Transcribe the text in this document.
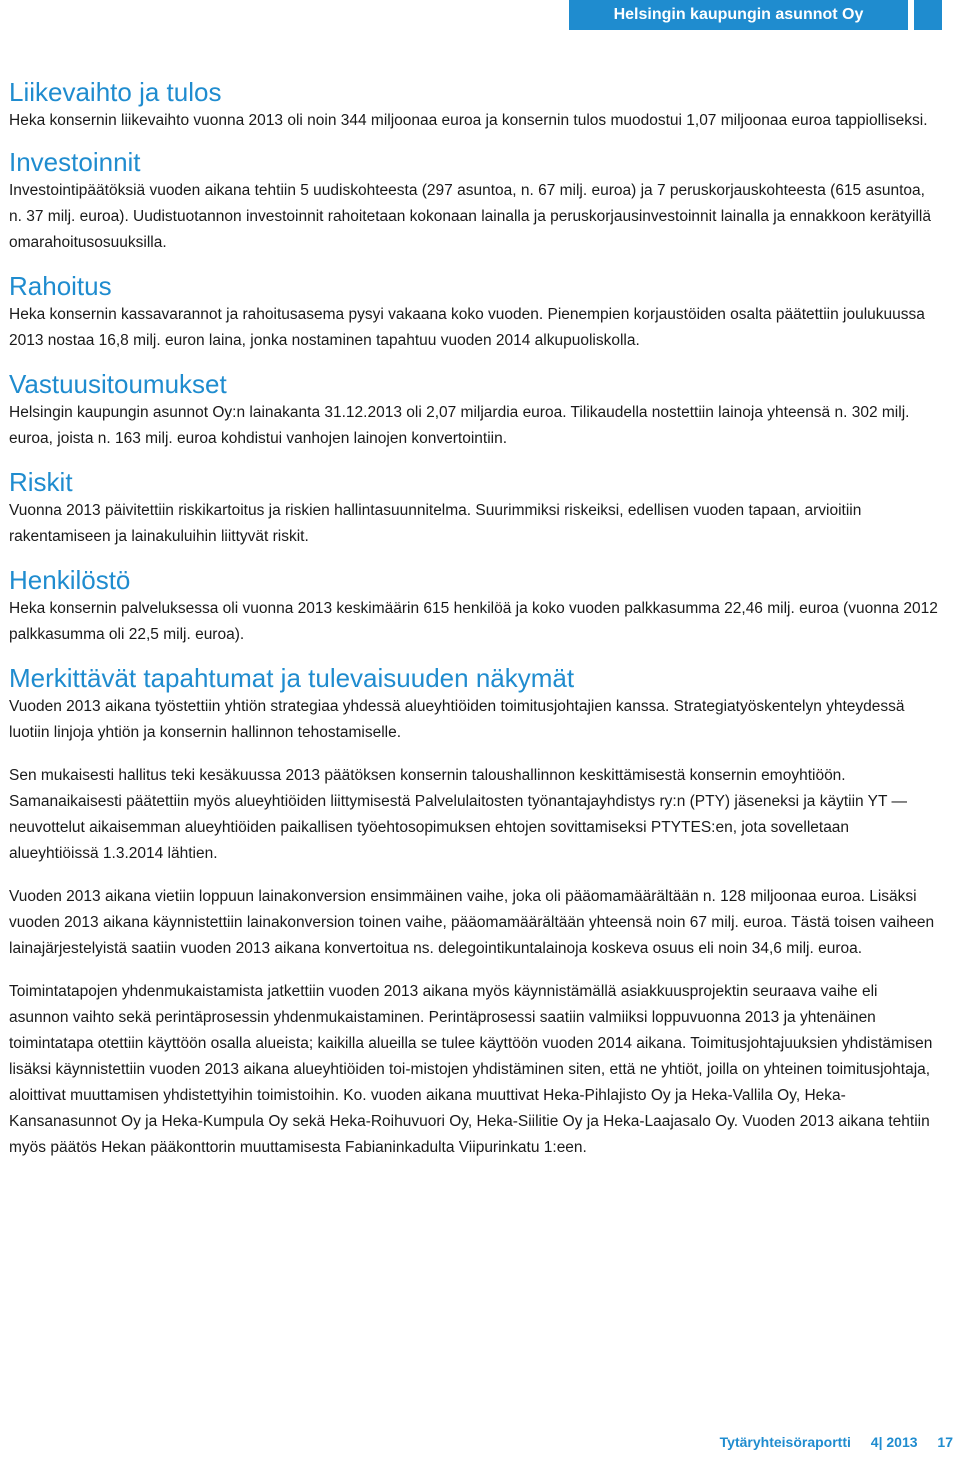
Helsingin kaupungin asunnot Oy
Liikevaihto ja tulos

Heka konsernin liikevaihto vuonna 2013 oli noin 344 miljoonaa euroa ja konsernin tulos muodostui 1,07 miljoonaa euroa tappiolliseksi.

Investoinnit

Investointipäätöksiä vuoden aikana tehtiin 5 uudiskohteesta (297 asuntoa, n. 67 milj. euroa) ja 7 peruskorjauskohteesta (615 asuntoa, n. 37 milj. euroa). Uudistuotannon investoinnit rahoitetaan kokonaan lainalla ja peruskorjausinvestoinnit lainalla ja ennakkoon kerätyillä omarahoitusosuuksilla.

Rahoitus

Heka konsernin kassavarannot ja rahoitusasema pysyi vakaana koko vuoden. Pienempien korjaustöiden osalta päätettiin joulukuussa 2013 nostaa 16,8 milj. euron laina, jonka nostaminen tapahtuu vuoden 2014 alkupuoliskolla.

Vastuusitoumukset

Helsingin kaupungin asunnot Oy:n lainakanta 31.12.2013 oli 2,07 miljardia euroa. Tilikaudella nostettiin lainoja yhteensä n. 302 milj. euroa, joista n. 163 milj. euroa kohdistui vanhojen lainojen konvertointiin.

Riskit

Vuonna 2013 päivitettiin riskikartoitus ja riskien hallintasuunnitelma. Suurimmiksi riskeiksi, edellisen vuoden tapaan, arvioitiin rakentamiseen ja lainakuluihin liittyvät riskit.

Henkilöstö

Heka konsernin palveluksessa oli vuonna 2013 keskimäärin 615 henkilöä ja koko vuoden palkkasumma 22,46 milj. euroa (vuonna 2012 palkkasumma oli 22,5 milj. euroa).

Merkittävät tapahtumat ja tulevaisuuden näkymät

Vuoden 2013 aikana työstettiin yhtiön strategiaa yhdessä alueyhtiöiden toimitusjohtajien kanssa. Strategiatyöskentelyn yhteydessä luotiin linjoja yhtiön ja konsernin hallinnon tehostamiselle.

Sen mukaisesti hallitus teki kesäkuussa 2013 päätöksen konsernin taloushallinnon keskittämisestä konsernin emoyhtiöön. Samanaikaisesti päätettiin myös alueyhtiöiden liittymisestä Palvelulaitosten työnantajayhdistys ry:n (PTY) jäseneksi ja käytiin YT — neuvottelut aikaisemman alueyhtiöiden paikallisen työehtosopimuksen ehtojen sovittamiseksi PTYTES:en, jota sovelletaan alueyhtiöissä 1.3.2014 lähtien.

Vuoden 2013 aikana vietiin loppuun lainakonversion ensimmäinen vaihe, joka oli pääomamäärältään n. 128 miljoonaa euroa. Lisäksi vuoden 2013 aikana käynnistettiin lainakonversion toinen vaihe, pääomamäärältään yhteensä noin 67 milj. euroa. Tästä toisen vaiheen lainajärjestelyistä saatiin vuoden 2013 aikana konvertoitua ns. delegointikuntalainoja koskeva osuus eli noin 34,6 milj. euroa.

Toimintatapojen yhdenmukaistamista jatkettiin vuoden 2013 aikana myös käynnistämällä asiakkuusprojektin seuraava vaihe eli asunnon vaihto sekä perintäprosessin yhdenmukaistaminen. Perintäprosessi saatiin valmiiksi loppuvuonna 2013 ja yhtenäinen toimintatapa otettiin käyttöön osalla alueista; kaikilla alueilla se tulee käyttöön vuoden 2014 aikana. Toimitusjohtajuuksien yhdistämisen lisäksi käynnistettiin vuoden 2013 aikana alueyhtiöiden toi-mistojen yhdistäminen siten, että ne yhtiöt, joilla on yhteinen toimitusjohtaja, aloittivat muuttamisen yhdistettyihin toimistoihin. Ko. vuoden aikana muuttivat Heka-Pihlajisto Oy ja Heka-Vallila Oy, Heka-Kansanasunnot Oy ja Heka-Kumpula Oy sekä Heka-Roihuvuori Oy, Heka-Siilitie Oy ja Heka-Laajasalo Oy. Vuoden 2013 aikana tehtiin myös päätös Hekan pääkonttorin muuttamisesta Fabianinkadulta Viipurinkatu 1:een.

Tytäryhteisöraportti 4| 2013 17
